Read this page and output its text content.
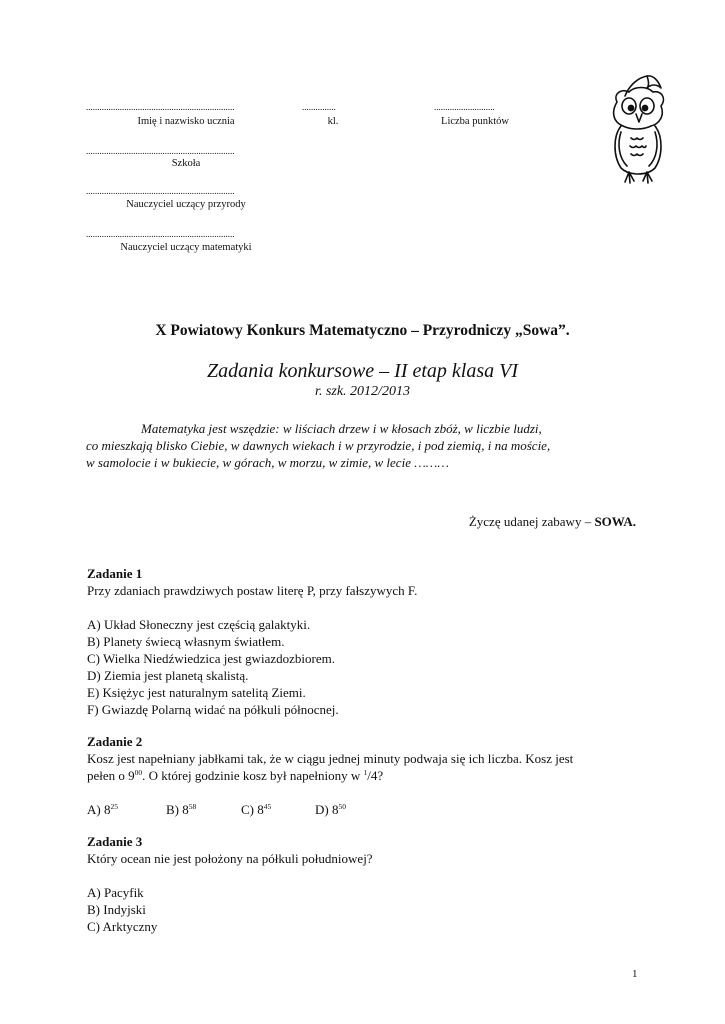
..................................................................
Imię i nazwisko ucznia
...............
kl.
...........................
Liczba punktów
..................................................................
Szkoła
..................................................................
Nauczyciel uczący przyrody
..................................................................
Nauczyciel uczący matematyki
X Powiatowy Konkurs Matematyczno – Przyrodniczy „Sowa”.
Zadania konkursowe – II etap klasa VI
r. szk. 2012/2013
Matematyka jest wszędzie: w liściach drzew i w kłosach zbóż, w liczbie ludzi,
co mieszkają blisko Ciebie, w dawnych wiekach i w przyrodzie, i pod ziemią, i na moście,
w samolocie i w bukiecie, w górach, w morzu, w zimie, w lecie ………
Życzę udanej zabawy – SOWA.
Zadanie 1
Przy zdaniach prawdziwych postaw literę P, przy fałszywych F.
A) Układ Słoneczny jest częścią galaktyki.
B) Planety świecą własnym światłem.
C) Wielka Niedźwiedzica jest gwiazdozbiorem.
D) Ziemia jest planetą skalistą.
E) Księżyc jest naturalnym satelitą Ziemi.
F) Gwiazdę Polarną widać na półkuli północnej.
Zadanie 2
Kosz jest napełniany jabłkami tak, że w ciągu jednej minuty podwaja się ich liczba. Kosz jest
pełen o $9^{00}$. O której godzinie kosz był napełniony w $^1$/4?
A) $8^{25}$	B) $8^{58}$	C) $8^{45}$	D) $8^{50}$
Zadanie 3
Który ocean nie jest położony na półkuli południowej?
A) Pacyfik
B) Indyjski
C) Arktyczny
1
